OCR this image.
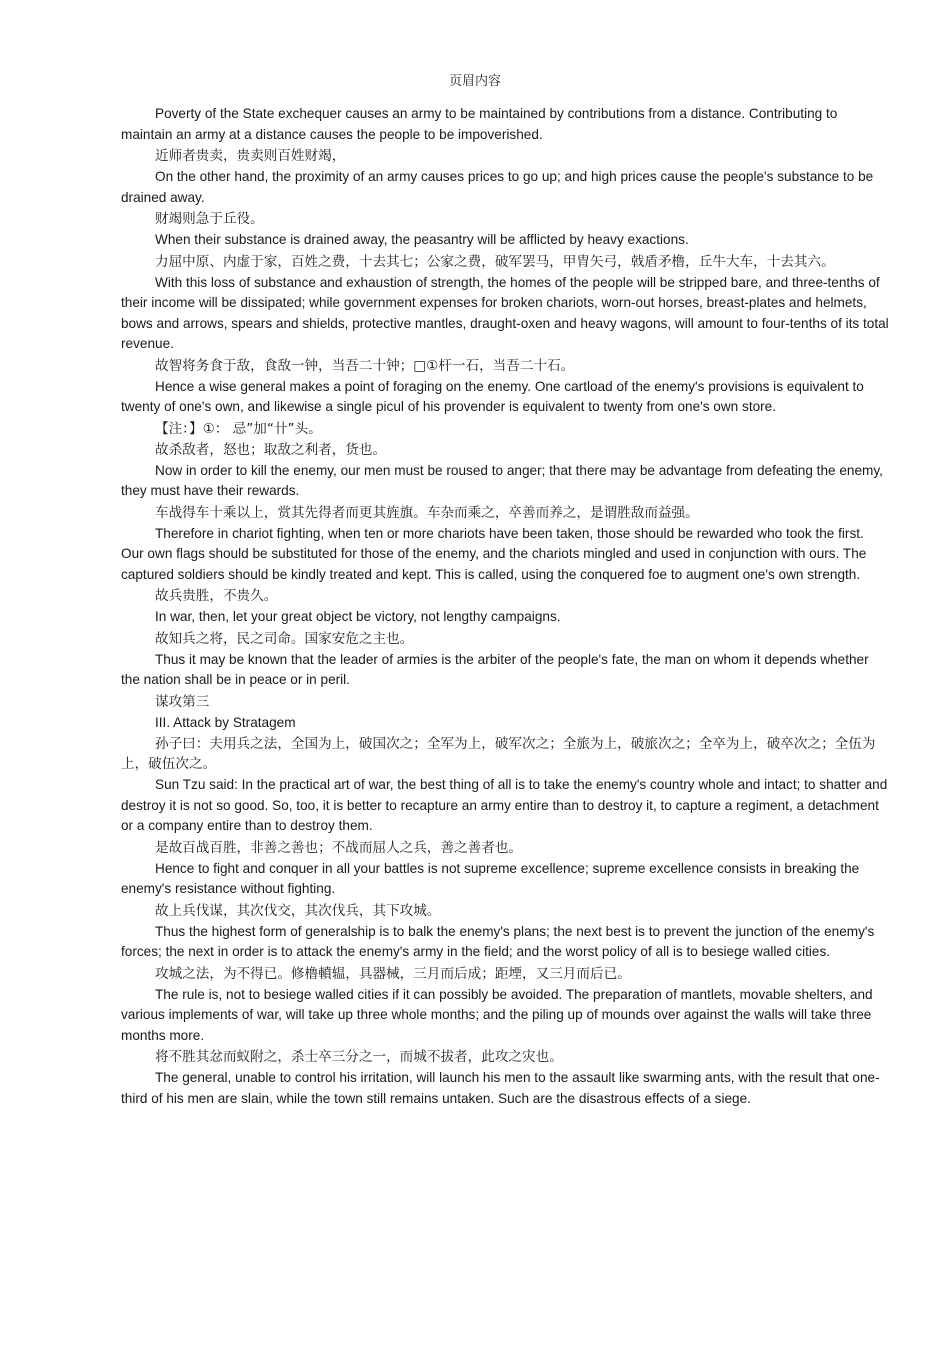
页眉内容

Poverty of the State exchequer causes an army to be maintained by contributions from a distance. Contributing to maintain an army at a distance causes the people to be impoverished.

近师者贵卖，贵卖则百姓财竭，

On the other hand, the proximity of an army causes prices to go up; and high prices cause the people's substance to be drained away.

财竭则急于丘役。

When their substance is drained away, the peasantry will be afflicted by heavy exactions.

力屈中原、内虚于家，百姓之费，十去其七；公家之费，破军罢马，甲胄矢弓，戟盾矛橹，丘牛大车，十去其六。

With this loss of substance and exhaustion of strength, the homes of the people will be stripped bare, and three-tenths of their income will be dissipated; while government expenses for broken chariots, worn-out horses, breast-plates and helmets, bows and arrows, spears and shields, protective mantles, draught-oxen and heavy wagons, will amount to four-tenths of its total revenue.

故智将务食于敌，食敌一钟，当吾二十钟；□①杆一石，当吾二十石。

Hence a wise general makes a point of foraging on the enemy. One cartload of the enemy's provisions is equivalent to twenty of one's own, and likewise a single picul of his provender is equivalent to twenty from one's own store.

【注：】①： 忌”加“卄”头。

故杀敌者，怒也；取敌之利者，货也。

Now in order to kill the enemy, our men must be roused to anger; that there may be advantage from defeating the enemy, they must have their rewards.

车战得车十乘以上，赏其先得者而更其旌旗。车杂而乘之，卒善而养之，是谓胜敌而益强。

Therefore in chariot fighting, when ten or more chariots have been taken, those should be rewarded who took the first. Our own flags should be substituted for those of the enemy, and the chariots mingled and used in conjunction with ours. The captured soldiers should be kindly treated and kept. This is called, using the conquered foe to augment one's own strength.

故兵贵胜，不贵久。

In war, then, let your great object be victory, not lengthy campaigns.

故知兵之将，民之司命。国家安危之主也。

Thus it may be known that the leader of armies is the arbiter of the people's fate, the man on whom it depends whether the nation shall be in peace or in peril.

谋攻第三

III. Attack by Stratagem

孙子曰：夫用兵之法，全国为上，破国次之；全军为上，破军次之；全旅为上，破旅次之；全卒为上，破卒次之；全伍为上，破伍次之。

Sun Tzu said: In the practical art of war, the best thing of all is to take the enemy's country whole and intact; to shatter and destroy it is not so good. So, too, it is better to recapture an army entire than to destroy it, to capture a regiment, a detachment or a company entire than to destroy them.

是故百战百胜，非善之善也；不战而屈人之兵，善之善者也。

Hence to fight and conquer in all your battles is not supreme excellence; supreme excellence consists in breaking the enemy's resistance without fighting.

故上兵伐谋，其次伐交，其次伐兵，其下攻城。

Thus the highest form of generalship is to balk the enemy's plans; the next best is to prevent the junction of the enemy's forces; the next in order is to attack the enemy's army in the field; and the worst policy of all is to besiege walled cities.

攻城之法，为不得已。修橹轒辒，具器械，三月而后成；距堙，又三月而后已。

The rule is, not to besiege walled cities if it can possibly be avoided. The preparation of mantlets, movable shelters, and various implements of war, will take up three whole months; and the piling up of mounds over against the walls will take three months more.

将不胜其忿而蚁附之，杀士卒三分之一，而城不拔者，此攻之灾也。

The general, unable to control his irritation, will launch his men to the assault like swarming ants, with the result that one-third of his men are slain, while the town still remains untaken. Such are the disastrous effects of a siege.
